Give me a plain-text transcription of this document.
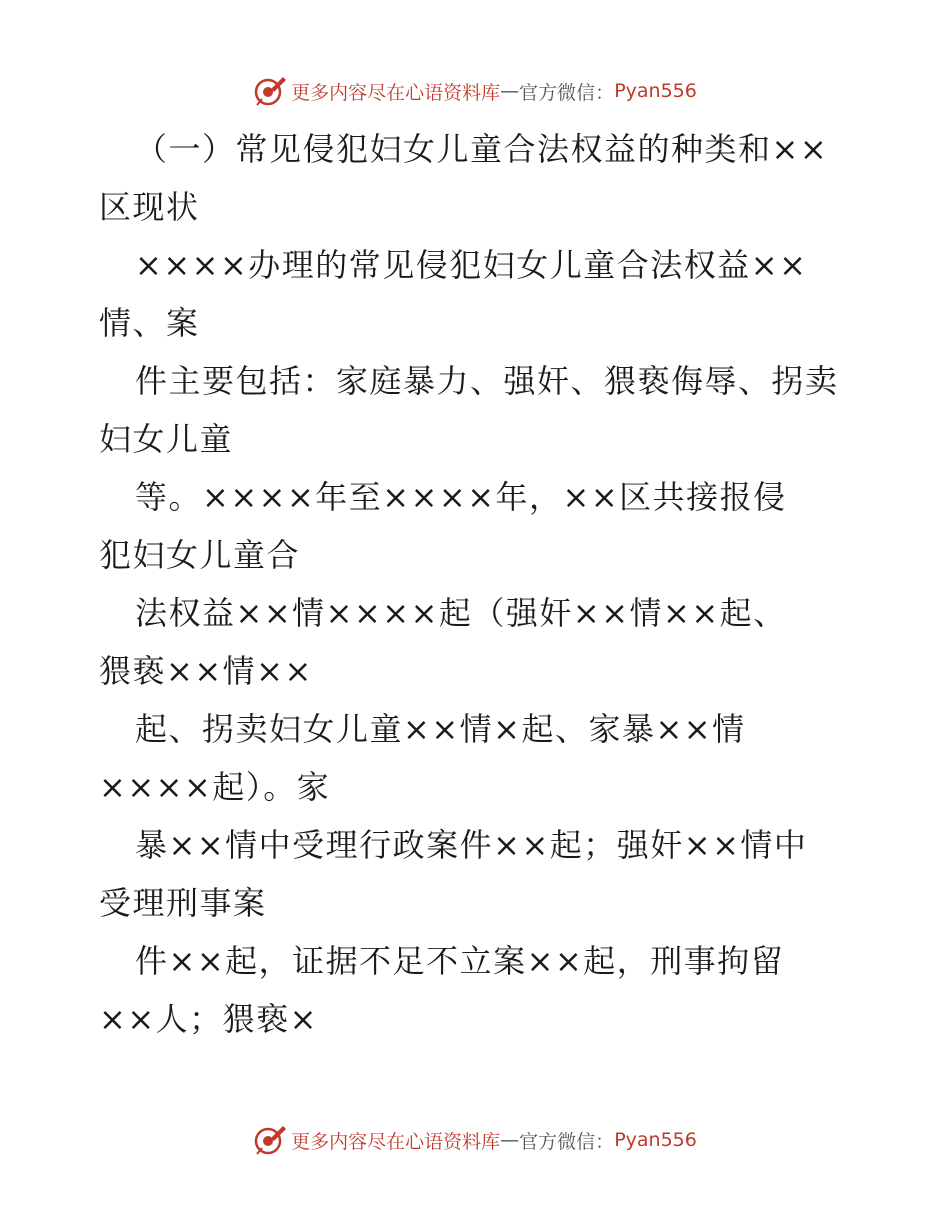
更多内容尽在心语资料库 — 官方微信： Pyan556

（一）常见侵犯妇女儿童合法权益的种类和××

区现状

××××办理的常见侵犯妇女儿童合法权益××

情、案

件主要包括：家庭暴力、强奸、猥亵侮辱、拐卖

妇女儿童

等。××××年至××××年，××区共接报侵

犯妇女儿童合

法权益××情××××起（强奸××情××起、

猥亵××情××

起、拐卖妇女儿童××情×起、家暴××情

××××起）。家

暴××情中受理行政案件××起；强奸××情中

受理刑事案

件××起，证据不足不立案××起，刑事拘留

××人；猥亵×

更多内容尽在心语资料库 — 官方微信： Pyan556
